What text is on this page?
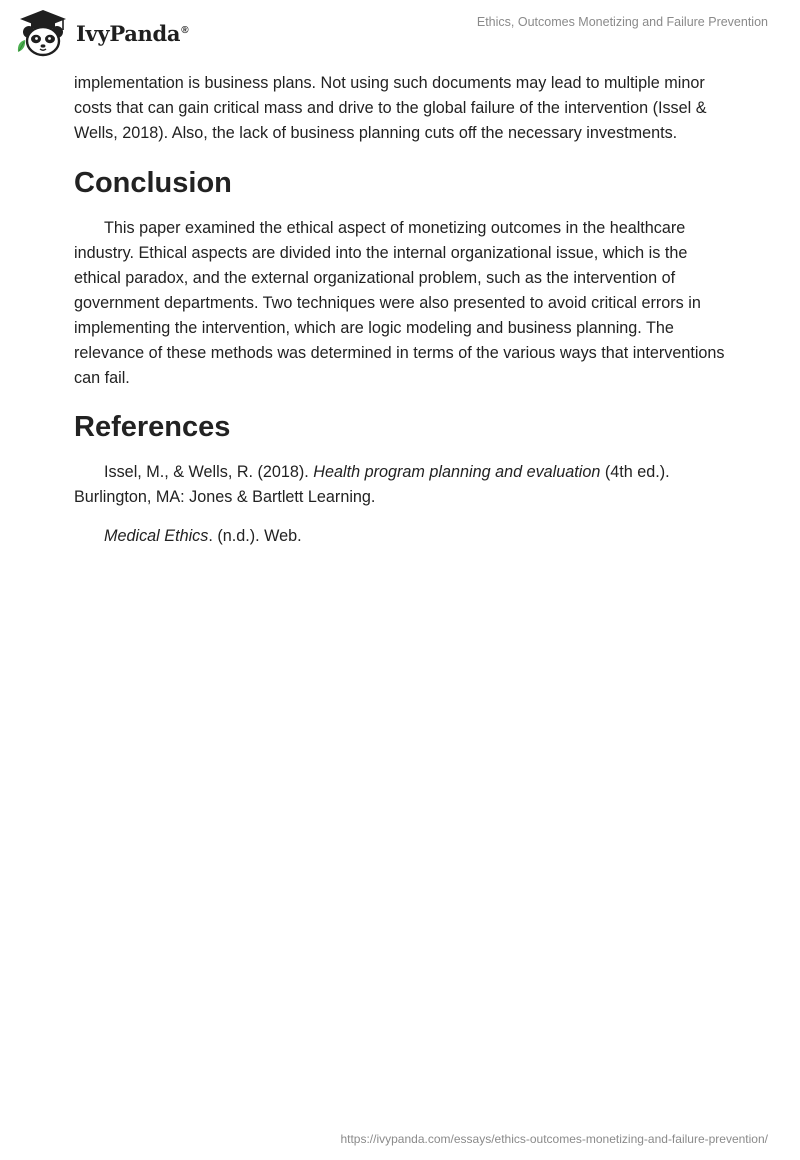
IvyPanda®
Ethics, Outcomes Monetizing and Failure Prevention

implementation is business plans. Not using such documents may lead to multiple minor costs that can gain critical mass and drive to the global failure of the intervention (Issel & Wells, 2018). Also, the lack of business planning cuts off the necessary investments.

Conclusion

This paper examined the ethical aspect of monetizing outcomes in the healthcare industry. Ethical aspects are divided into the internal organizational issue, which is the ethical paradox, and the external organizational problem, such as the intervention of government departments. Two techniques were also presented to avoid critical errors in implementing the intervention, which are logic modeling and business planning. The relevance of these methods was determined in terms of the various ways that interventions can fail.

References

Issel, M., & Wells, R. (2018). Health program planning and evaluation (4th ed.). Burlington, MA: Jones & Bartlett Learning.

Medical Ethics. (n.d.). Web.

https://ivypanda.com/essays/ethics-outcomes-monetizing-and-failure-prevention/
